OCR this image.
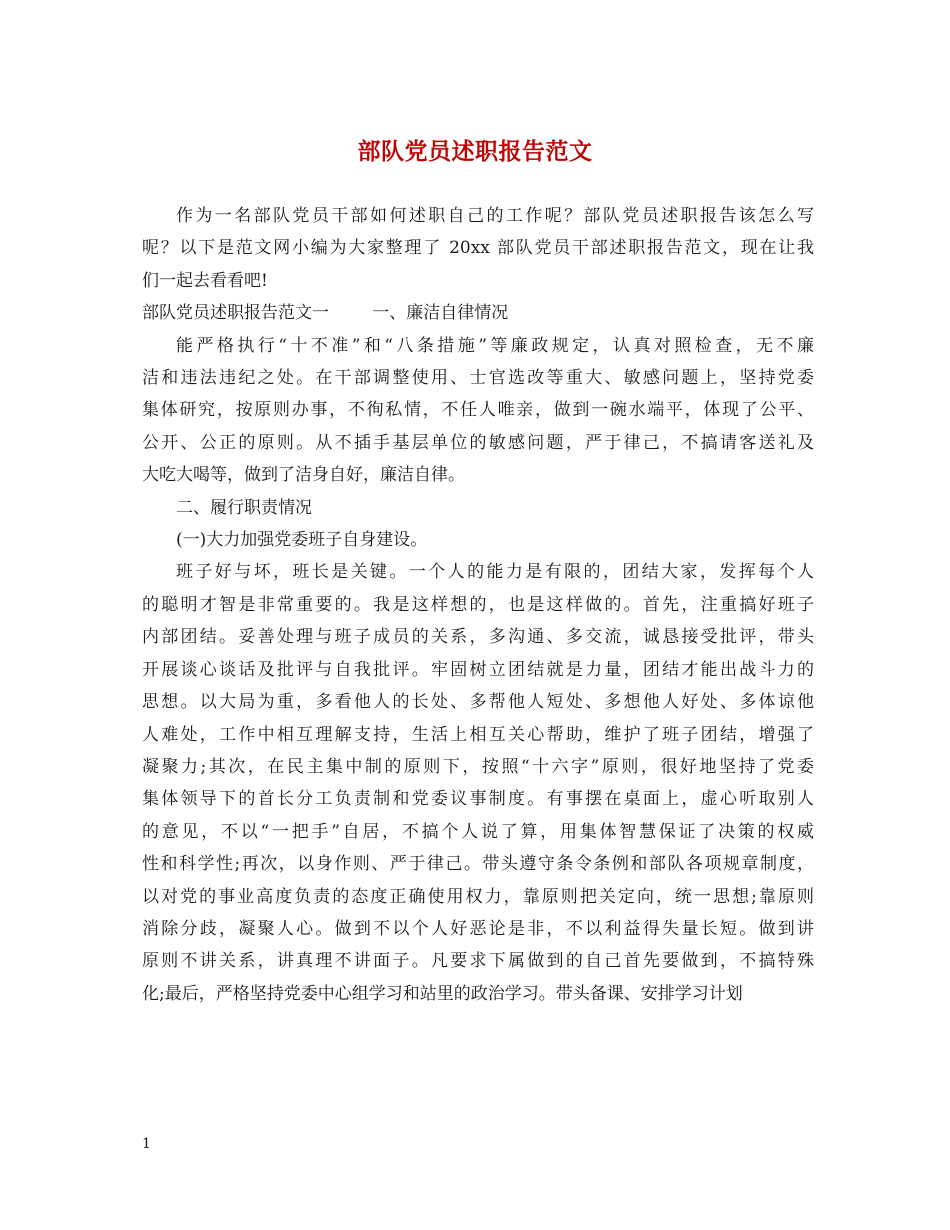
部队党员述职报告范文

作为一名部队党员干部如何述职自己的工作呢？部队党员述职报告该怎么写
呢？以下是范文网小编为大家整理了 20xx 部队党员干部述职报告范文，现在让我
们一起去看看吧!

部队党员述职报告范文一        一、廉洁自律情况

能严格执行“十不准”和“八条措施”等廉政规定，认真对照检查，无不廉
洁和违法违纪之处。在干部调整使用、士官选改等重大、敏感问题上，坚持党委
集体研究，按原则办事，不徇私情，不任人唯亲，做到一碗水端平，体现了公平、
公开、公正的原则。从不插手基层单位的敏感问题，严于律己，不搞请客送礼及
大吃大喝等，做到了洁身自好，廉洁自律。

二、履行职责情况

(一)大力加强党委班子自身建设。

班子好与坏，班长是关键。一个人的能力是有限的，团结大家，发挥每个人
的聪明才智是非常重要的。我是这样想的，也是这样做的。首先，注重搞好班子
内部团结。妥善处理与班子成员的关系，多沟通、多交流，诚恳接受批评，带头
开展谈心谈话及批评与自我批评。牢固树立团结就是力量，团结才能出战斗力的
思想。以大局为重，多看他人的长处、多帮他人短处、多想他人好处、多体谅他
人难处，工作中相互理解支持，生活上相互关心帮助，维护了班子团结，增强了
凝聚力;其次，在民主集中制的原则下，按照“十六字”原则，很好地坚持了党委
集体领导下的首长分工负责制和党委议事制度。有事摆在桌面上，虚心听取别人
的意见，不以“一把手”自居，不搞个人说了算，用集体智慧保证了决策的权威
性和科学性;再次，以身作则、严于律己。带头遵守条令条例和部队各项规章制度，
以对党的事业高度负责的态度正确使用权力，靠原则把关定向，统一思想;靠原则
消除分歧，凝聚人心。做到不以个人好恶论是非，不以利益得失量长短。做到讲
原则不讲关系，讲真理不讲面子。凡要求下属做到的自己首先要做到，不搞特殊
化;最后，严格坚持党委中心组学习和站里的政治学习。带头备课、安排学习计划

1
